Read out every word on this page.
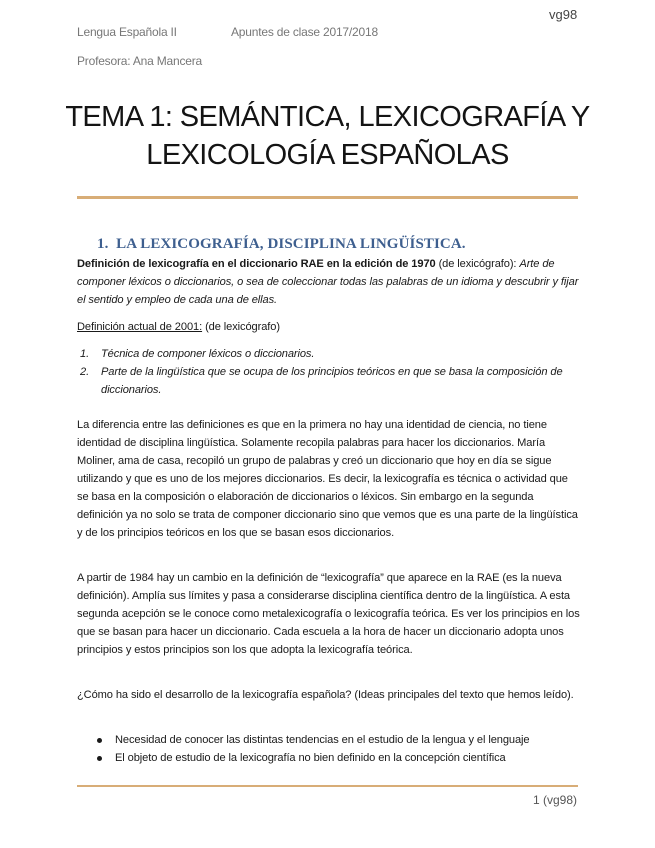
vg98
Lengua Española II	Apuntes de clase 2017/2018
Profesora: Ana Mancera
TEMA 1: SEMÁNTICA, LEXICOGRAFÍA Y
LEXICOLOGÍA ESPAÑOLAS
1. LA LEXICOGRAFÍA, DISCIPLINA LINGÜÍSTICA.
Definición de lexicografía en el diccionario RAE en la edición de 1970 (de lexicógrafo): Arte de componer léxicos o diccionarios, o sea de coleccionar todas las palabras de un idioma y descubrir y fijar el sentido y empleo de cada una de ellas.
Definición actual de 2001: (de lexicógrafo)
1. Técnica de componer léxicos o diccionarios.
2. Parte de la lingüística que se ocupa de los principios teóricos en que se basa la composición de diccionarios.
La diferencia entre las definiciones es que en la primera no hay una identidad de ciencia, no tiene identidad de disciplina lingüística. Solamente recopila palabras para hacer los diccionarios. María Moliner, ama de casa, recopiló un grupo de palabras y creó un diccionario que hoy en día se sigue utilizando y que es uno de los mejores diccionarios. Es decir, la lexicografía es técnica o actividad que se basa en la composición o elaboración de diccionarios o léxicos. Sin embargo en la segunda definición ya no solo se trata de componer diccionario sino que vemos que es una parte de la lingüística y de los principios teóricos en los que se basan esos diccionarios.
A partir de 1984 hay un cambio en la definición de “lexicografía” que aparece en la RAE (es la nueva definición). Amplía sus límites y pasa a considerarse disciplina científica dentro de la lingüística. A esta segunda acepción se le conoce como metalexicografía o lexicografía teórica. Es ver los principios en los que se basan para hacer un diccionario. Cada escuela a la hora de hacer un diccionario adopta unos principios y estos principios son los que adopta la lexicografía teórica.
¿Cómo ha sido el desarrollo de la lexicografía española? (Ideas principales del texto que hemos leído).
Necesidad de conocer las distintas tendencias en el estudio de la lengua y el lenguaje
El objeto de estudio de la lexicografía no bien definido en la concepción científica
1 (vg98)
